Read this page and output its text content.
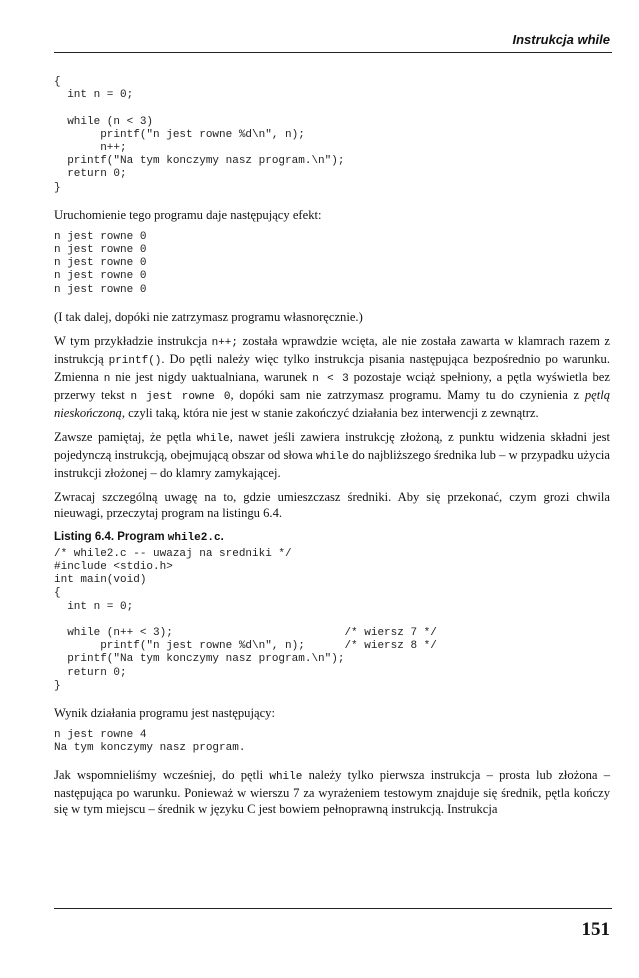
Instrukcja while
{
int n = 0;

while (n < 3)
printf("n jest rowne %d\n", n);
n++;
printf("Na tym konczymy nasz program.\n");
return 0;
}

Uruchomienie tego programu daje następujący efekt:

n jest rowne 0
n jest rowne 0
n jest rowne 0
n jest rowne 0
n jest rowne 0

(I tak dalej, dopóki nie zatrzymasz programu własnoręcznie.)

W tym przykładzie instrukcja n++; została wprawdzie wcięta, ale nie została zawarta w klamrach razem z instrukcją printf(). Do pętli należy więc tylko instrukcja pisania następująca bezpośrednio po warunku. Zmienna n nie jest nigdy uaktualniana, warunek n < 3 pozostaje wciąż spełniony, a pętla wyświetla bez przerwy tekst n jest rowne 0, dopóki sam nie zatrzymasz programu. Mamy tu do czynienia z pętlą nieskończoną, czyli taką, która nie jest w stanie zakończyć działania bez interwencji z zewnątrz.

Zawsze pamiętaj, że pętla while, nawet jeśli zawiera instrukcję złożoną, z punktu widzenia składni jest pojedynczą instrukcją, obejmującą obszar od słowa while do najbliższego średnika lub – w przypadku użycia instrukcji złożonej – do klamry zamykającej.

Zwracaj szczególną uwagę na to, gdzie umieszczasz średniki. Aby się przekonać, czym grozi chwila nieuwagi, przeczytaj program na listingu 6.4.

Listing 6.4. Program while2.c.
/* while2.c -- uwazaj na sredniki */
#include <stdio.h>
int main(void)
{
int n = 0;

while (n++ < 3);                          /* wiersz 7 */
printf("n jest rowne %d\n", n);      /* wiersz 8 */
printf("Na tym konczymy nasz program.\n");
return 0;
}

Wynik działania programu jest następujący:

n jest rowne 4
Na tym konczymy nasz program.

Jak wspomnieliśmy wcześniej, do pętli while należy tylko pierwsza instrukcja – prosta lub złożona – następująca po warunku. Ponieważ w wierszu 7 za wyrażeniem testowym znajduje się średnik, pętla kończy się w tym miejscu – średnik w języku C jest bowiem pełnoprawną instrukcją. Instrukcja

151
